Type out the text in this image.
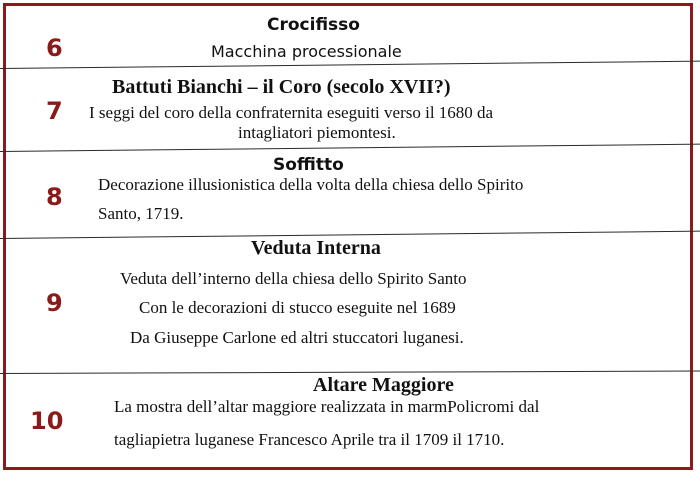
6
Crocifisso
Macchina processionale
7
Battuti Bianchi – il Coro (secolo XVII?)
I seggi del coro della confraternita eseguiti verso il 1680 da
intagliatori piemontesi.
8
Soffitto
Decorazione illusionistica della volta della chiesa dello Spirito
Santo, 1719.
9
Veduta Interna
Veduta dell’interno della chiesa dello Spirito Santo
Con le decorazioni di stucco eseguite nel 1689
Da Giuseppe Carlone ed altri stuccatori luganesi.
10
Altare Maggiore
La mostra dell’altar maggiore realizzata in marmPolicromi dal
tagliapietra luganese Francesco Aprile tra il 1709 il 1710.
